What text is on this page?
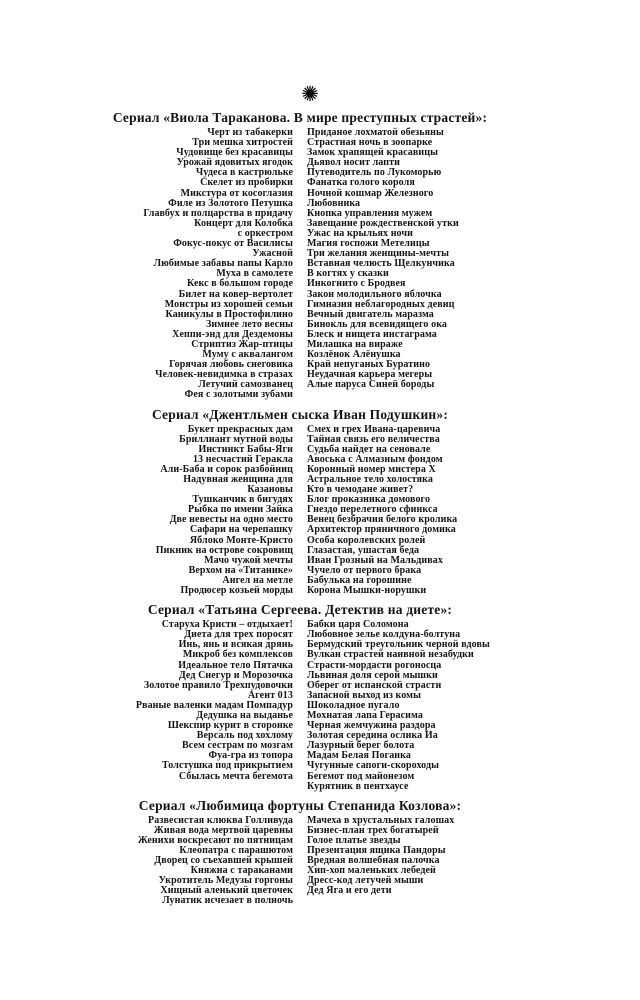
✺
Сериал «Виола Тараканова. В мире преступных страстей»:
Черт из табакерки
Три мешка хитростей
Чудовище без красавицы
Урожай ядовитых ягодок
Чудеса в кастрюльке
Скелет из пробирки
Микстура от косоглазия
Филе из Золотого Петушка
Главбух и полцарства в придачу
Концерт для Колобка
с оркестром
Фокус-покус от Василисы
Ужасной
Любимые забавы папы Карло
Муха в самолете
Кекс в большом городе
Билет на ковер-вертолет
Монстры из хорошей семьи
Каникулы в Простофилино
Зимнее лето весны
Хеппи-энд для Дездемоны
Стриптиз Жар-птицы
Муму с аквалангом
Горячая любовь снеговика
Человек-невидимка в стразах
Летучий самозванец
Фея с золотыми зубами
Приданое лохматой обезьяны
Страстная ночь в зоопарке
Замок храпящей красавицы
Дьявол носит лапти
Путеводитель по Лукоморью
Фанатка голого короля
Ночной кошмар Железного
Любовника
Кнопка управления мужем
Завещание рождественской утки
Ужас на крыльях ночи
Магия госпожи Метелицы
Три желания женщины-мечты
Вставная челюсть Щелкунчика
В когтях у сказки
Инкогнито с Бродвея
Закон молодильного яблочка
Гимназия неблагородных девиц
Вечный двигатель маразма
Бинокль для всевидящего ока
Блеск и нищета инстаграма
Милашка на вираже
Козлёнок Алёнушка
Край непуганых Буратино
Неудачная карьера мегеры
Алые паруса Синей бороды
Сериал «Джентльмен сыска Иван Подушкин»:
Букет прекрасных дам
Бриллиант мутной воды
Инстинкт Бабы-Яги
13 несчастий Геракла
Али-Баба и сорок разбойниц
Надувная женщина для
Казановы
Тушканчик в бигудях
Рыбка по имени Зайка
Две невесты на одно место
Сафари на черепашку
Яблоко Монте-Кристо
Пикник на острове сокровищ
Мачо чужой мечты
Верхом на «Титанике»
Ангел на метле
Продюсер козьей морды
Смех и грех Ивана-царевича
Тайная связь его величества
Судьба найдет на сеновале
Авоська с Алмазным фондом
Коронный номер мистера Х
Астральное тело холостяка
Кто в чемодане живет?
Блог проказника домового
Гнездо перелетного сфинкса
Венец безбрачия белого кролика
Архитектор пряничного домика
Особа королевских ролей
Глазастая, ушастая беда
Иван Грозный на Мальдивах
Чучело от первого брака
Бабулька на горошине
Корона Мышки-норушки
Сериал «Татьяна Сергеева. Детектив на диете»:
Старуха Кристи – отдыхает!
Диета для трех поросят
Инь, янь и всякая дрянь
Микроб без комплексов
Идеальное тело Пятачка
Дед Снегур и Морозочка
Золотое правило Трехпудовочки
Агент 013
Рваные валенки мадам Помпадур
Дедушка на выданье
Шекспир курит в сторонке
Версаль под хохлому
Всем сестрам по мозгам
Фуа-гра из топора
Толстушка под прикрытием
Сбылась мечта бегемота
Бабки царя Соломона
Любовное зелье колдуна-болтуна
Бермудский треугольник черной вдовы
Вулкан страстей наивной незабудки
Страсти-мордасти рогоносца
Львиная доля серой мышки
Оберег от испанской страсти
Запасной выход из комы
Шоколадное пугало
Мохнатая лапа Герасима
Черная жемчужина раздора
Золотая середина ослика Иа
Лазурный берег болота
Мадам Белая Поганка
Чугунные сапоги-скороходы
Бегемот под майонезом
Курятник в пентхаусе
Сериал «Любимица фортуны Степанида Козлова»:
Развесистая клюква Голливуда
Живая вода мертвой царевны
Женихи воскресают по пятницам
Клеопатра с парашютом
Дворец со съехавшей крышей
Княжна с тараканами
Укротитель Медузы горгоны
Хищный аленький цветочек
Лунатик исчезает в полночь
Мачеха в хрустальных галошах
Бизнес-план трех богатырей
Голое платье звезды
Презентация ящика Пандоры
Вредная волшебная палочка
Хип-хоп маленьких лебедей
Дресс-код летучей мыши
Дед Яга и его дети
